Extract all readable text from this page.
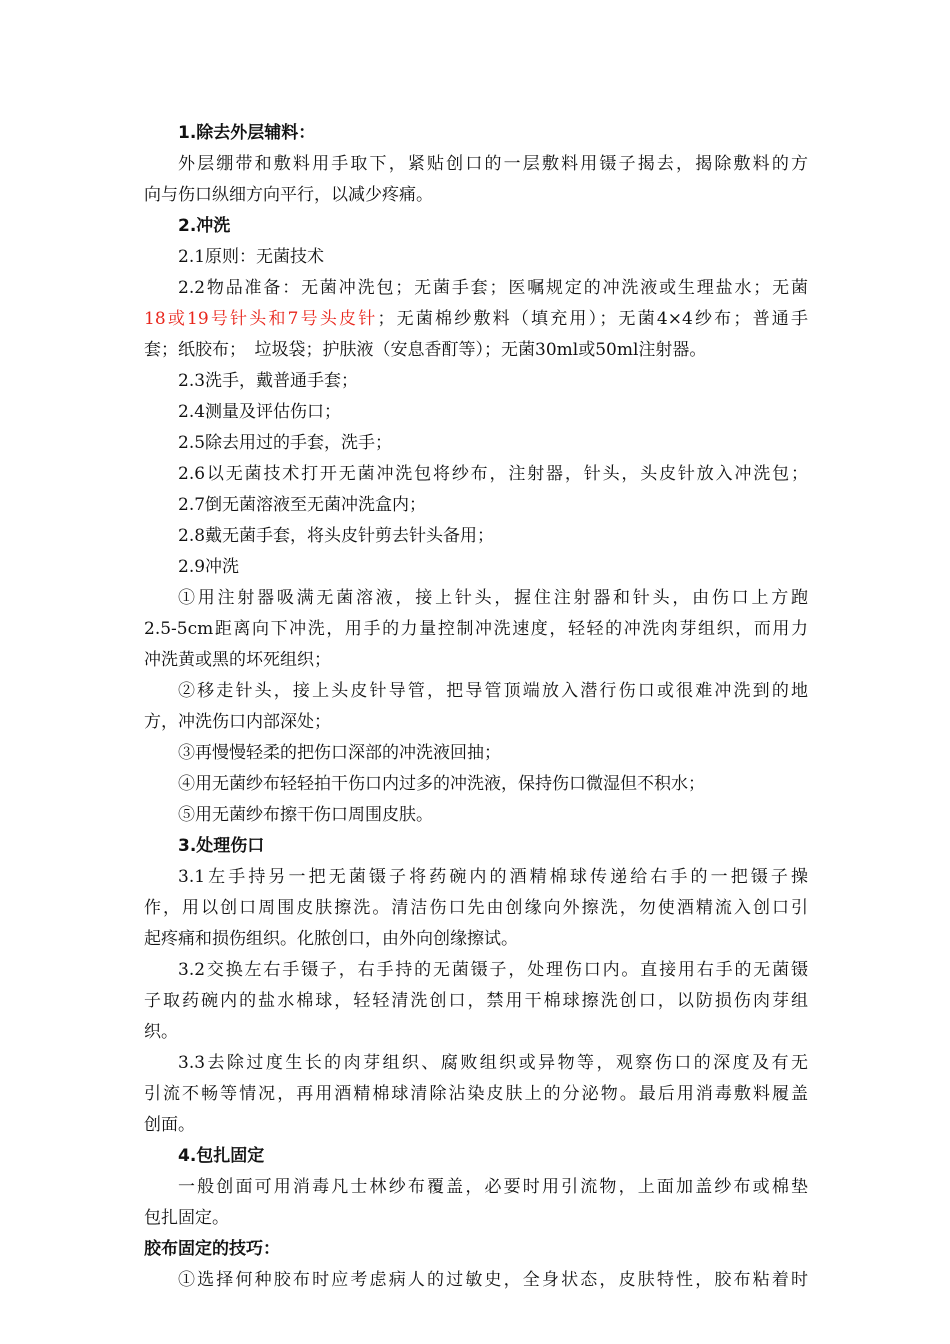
1.除去外层辅料：
外层绷带和敷料用手取下，紧贴创口的一层敷料用镊子揭去，揭除敷料的方
向与伤口纵细方向平行，以减少疼痛。
2.冲洗
2.1原则：无菌技术
2.2物品准备：无菌冲洗包；无菌手套；医嘱规定的冲洗液或生理盐水；无菌
18或19号针头和7号头皮针；无菌棉纱敷料（填充用）；无菌4×4纱布；普通手
套；纸胶布；　垃圾袋；护肤液（安息香酊等）；无菌30ml或50ml注射器。
2.3洗手，戴普通手套；
2.4测量及评估伤口；
2.5除去用过的手套，洗手；
2.6以无菌技术打开无菌冲洗包将纱布，注射器，针头，头皮针放入冲洗包；
2.7倒无菌溶液至无菌冲洗盒内；
2.8戴无菌手套，将头皮针剪去针头备用；
2.9冲洗
①用注射器吸满无菌溶液，接上针头，握住注射器和针头，由伤口上方跑
2.5-5cm距离向下冲洗，用手的力量控制冲洗速度，轻轻的冲洗肉芽组织，而用力
冲洗黄或黑的坏死组织；
②移走针头，接上头皮针导管，把导管顶端放入潜行伤口或很难冲洗到的地
方，冲洗伤口内部深处；
③再慢慢轻柔的把伤口深部的冲洗液回抽；
④用无菌纱布轻轻拍干伤口内过多的冲洗液，保持伤口微湿但不积水；
⑤用无菌纱布擦干伤口周围皮肤。
3.处理伤口
3.1左手持另一把无菌镊子将药碗内的酒精棉球传递给右手的一把镊子操
作，用以创口周围皮肤擦洗。清洁伤口先由创缘向外擦洗，勿使酒精流入创口引
起疼痛和损伤组织。化脓创口，由外向创缘擦试。
3.2交换左右手镊子，右手持的无菌镊子，处理伤口内。直接用右手的无菌镊
子取药碗内的盐水棉球，轻轻清洗创口，禁用干棉球擦洗创口，以防损伤肉芽组
织。
3.3去除过度生长的肉芽组织、腐败组织或异物等，观察伤口的深度及有无
引流不畅等情况，再用酒精棉球清除沾染皮肤上的分泌物。最后用消毒敷料履盖
创面。
4.包扎固定
一般创面可用消毒凡士林纱布覆盖，必要时用引流物，上面加盖纱布或棉垫
包扎固定。
胶布固定的技巧：
①选择何种胶布时应考虑病人的过敏史，全身状态，皮肤特性，胶布粘着时
